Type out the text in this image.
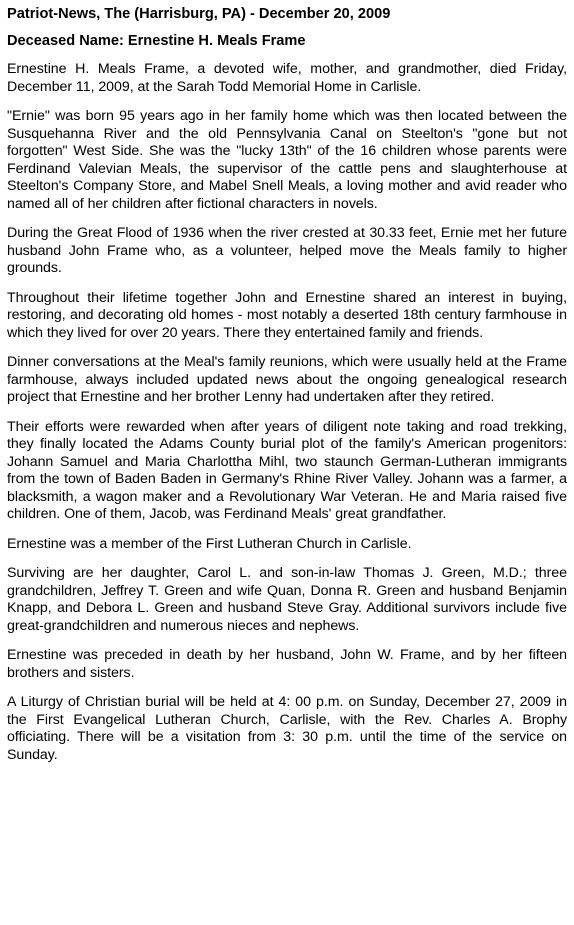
Patriot-News, The (Harrisburg, PA) - December 20, 2009
Deceased Name: Ernestine H. Meals Frame

Ernestine H. Meals Frame, a devoted wife, mother, and grandmother, died Friday, December 11, 2009, at the Sarah Todd Memorial Home in Carlisle.

"Ernie" was born 95 years ago in her family home which was then located between the Susquehanna River and the old Pennsylvania Canal on Steelton's "gone but not forgotten" West Side. She was the "lucky 13th" of the 16 children whose parents were Ferdinand Valevian Meals, the supervisor of the cattle pens and slaughterhouse at Steelton's Company Store, and Mabel Snell Meals, a loving mother and avid reader who named all of her children after fictional characters in novels.

During the Great Flood of 1936 when the river crested at 30.33 feet, Ernie met her future husband John Frame who, as a volunteer, helped move the Meals family to higher grounds.

Throughout their lifetime together John and Ernestine shared an interest in buying, restoring, and decorating old homes - most notably a deserted 18th century farmhouse in which they lived for over 20 years. There they entertained family and friends.

Dinner conversations at the Meal's family reunions, which were usually held at the Frame farmhouse, always included updated news about the ongoing genealogical research project that Ernestine and her brother Lenny had undertaken after they retired.

Their efforts were rewarded when after years of diligent note taking and road trekking, they finally located the Adams County burial plot of the family's American progenitors: Johann Samuel and Maria Charlottha Mihl, two staunch German-Lutheran immigrants from the town of Baden Baden in Germany's Rhine River Valley. Johann was a farmer, a blacksmith, a wagon maker and a Revolutionary War Veteran. He and Maria raised five children. One of them, Jacob, was Ferdinand Meals' great grandfather.

Ernestine was a member of the First Lutheran Church in Carlisle.

Surviving are her daughter, Carol L. and son-in-law Thomas J. Green, M.D.; three grandchildren, Jeffrey T. Green and wife Quan, Donna R. Green and husband Benjamin Knapp, and Debora L. Green and husband Steve Gray. Additional survivors include five great-grandchildren and numerous nieces and nephews.

Ernestine was preceded in death by her husband, John W. Frame, and by her fifteen brothers and sisters.

A Liturgy of Christian burial will be held at 4: 00 p.m. on Sunday, December 27, 2009 in the First Evangelical Lutheran Church, Carlisle, with the Rev. Charles A. Brophy officiating. There will be a visitation from 3: 30 p.m. until the time of the service on Sunday.
